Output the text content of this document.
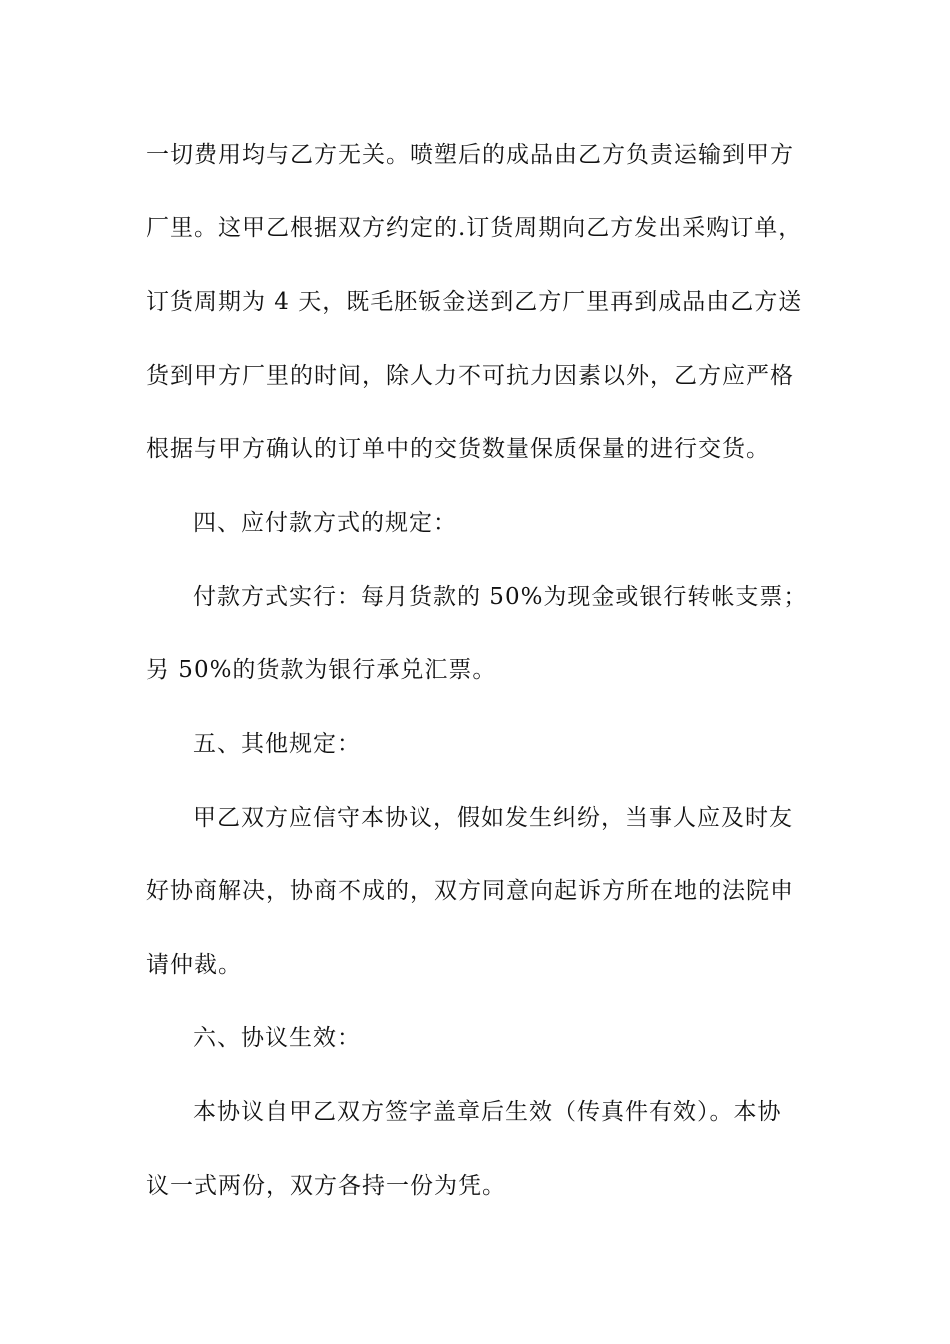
一切费用均与乙方无关。喷塑后的成品由乙方负责运输到甲方
厂里。这甲乙根据双方约定的.订货周期向乙方发出采购订单，
订货周期为 4 天，既毛胚钣金送到乙方厂里再到成品由乙方送
货到甲方厂里的时间，除人力不可抗力因素以外，乙方应严格
根据与甲方确认的订单中的交货数量保质保量的进行交货。
四、应付款方式的规定：
付款方式实行：每月货款的 50%为现金或银行转帐支票；
另 50%的货款为银行承兑汇票。
五、其他规定：
甲乙双方应信守本协议，假如发生纠纷，当事人应及时友
好协商解决，协商不成的，双方同意向起诉方所在地的法院申
请仲裁。
六、协议生效：
本协议自甲乙双方签字盖章后生效（传真件有效）。本协
议一式两份，双方各持一份为凭。
